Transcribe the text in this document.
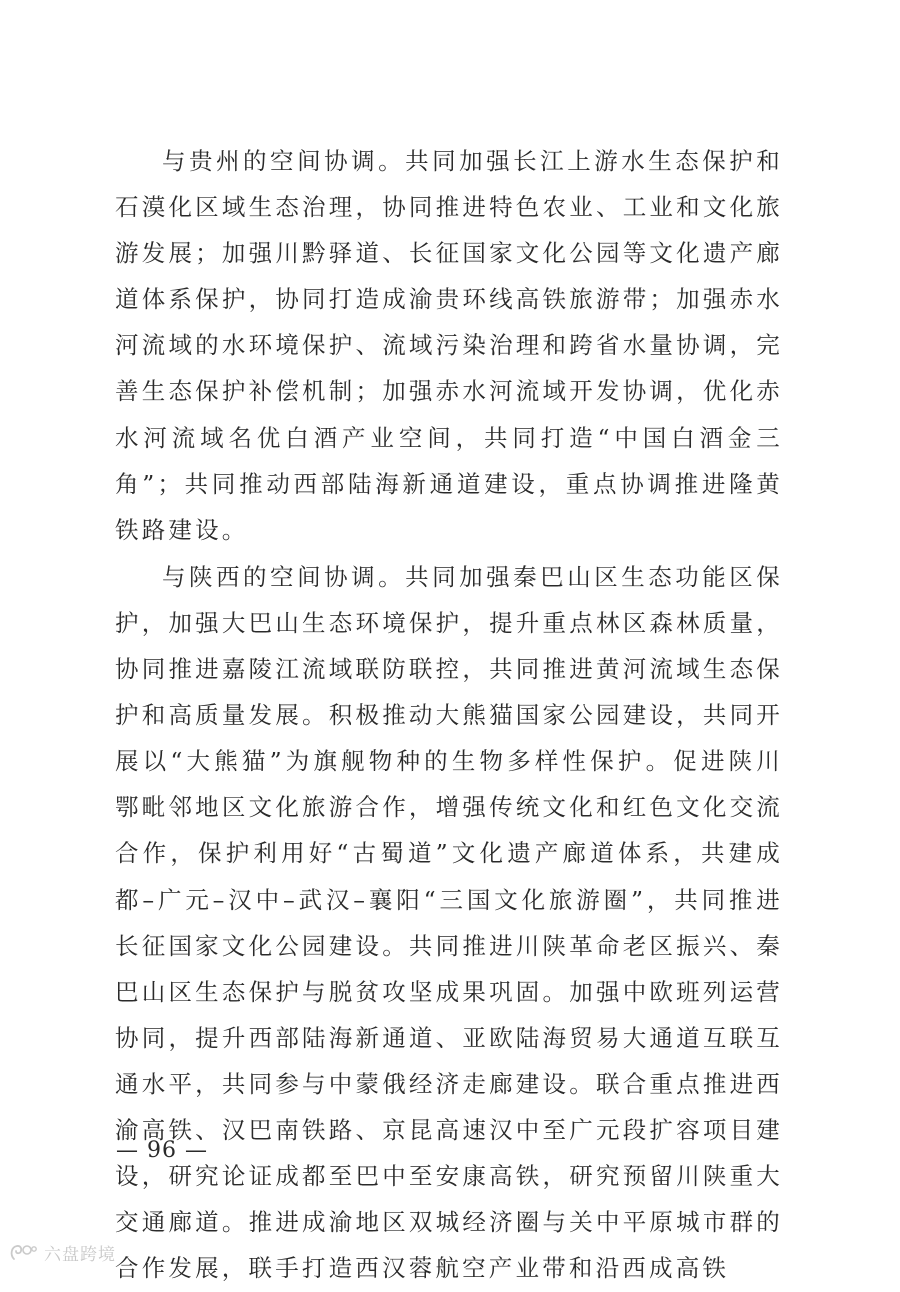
与贵州的空间协调。共同加强长江上游水生态保护和石漠化区域生态治理，协同推进特色农业、工业和文化旅游发展；加强川黔驿道、长征国家文化公园等文化遗产廊道体系保护，协同打造成渝贵环线高铁旅游带；加强赤水河流域的水环境保护、流域污染治理和跨省水量协调，完善生态保护补偿机制；加强赤水河流域开发协调，优化赤水河流域名优白酒产业空间，共同打造“中国白酒金三角”；共同推动西部陆海新通道建设，重点协调推进隆黄铁路建设。

与陕西的空间协调。共同加强秦巴山区生态功能区保护，加强大巴山生态环境保护，提升重点林区森林质量，协同推进嘉陵江流域联防联控，共同推进黄河流域生态保护和高质量发展。积极推动大熊猫国家公园建设，共同开展以“大熊猫”为旗舰物种的生物多样性保护。促进陕川鄂毗邻地区文化旅游合作，增强传统文化和红色文化交流合作，保护利用好“古蜀道”文化遗产廊道体系，共建成都–广元–汉中–武汉–襄阳“三国文化旅游圈”，共同推进长征国家文化公园建设。共同推进川陕革命老区振兴、秦巴山区生态保护与脱贫攻坚成果巩固。加强中欧班列运营协同，提升西部陆海新通道、亚欧陆海贸易大通道互联互通水平，共同参与中蒙俄经济走廊建设。联合重点推进西渝高铁、汉巴南铁路、京昆高速汉中至广元段扩容项目建设，研究论证成都至巴中至安康高铁，研究预留川陕重大交通廊道。推进成渝地区双城经济圈与关中平原城市群的合作发展，联手打造西汉蓉航空产业带和沿西成高铁

— 96 —
六盘跨境
